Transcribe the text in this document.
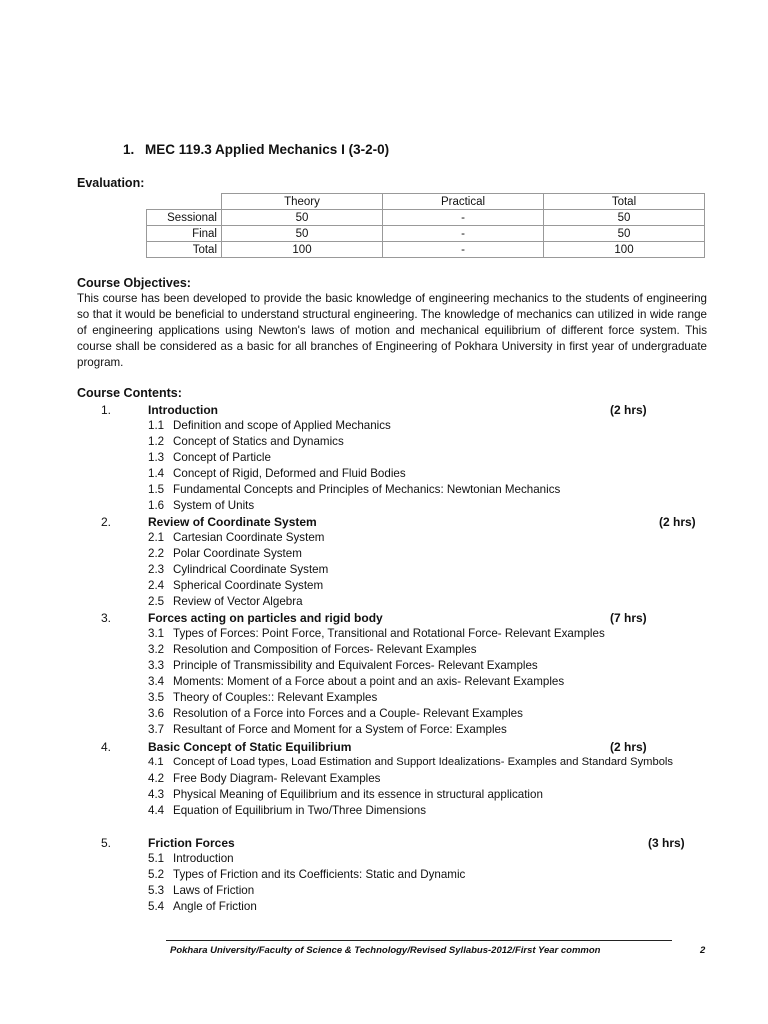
1. MEC 119.3 Applied Mechanics I (3-2-0)
Evaluation:
	Theory	Practical	Total
Sessional	50	-	50
Final	50	-	50
Total	100	-	100
Course Objectives:
This course has been developed to provide the basic knowledge of engineering mechanics to the students of engineering so that it would be beneficial to understand structural engineering. The knowledge of mechanics can utilized in wide range of engineering applications using Newton's laws of motion and mechanical equilibrium of different force system. This course shall be considered as a basic for all branches of Engineering of Pokhara University in first year of undergraduate program.
Course Contents:
1.	Introduction	(2 hrs)
1.1 Definition and scope of Applied Mechanics
1.2 Concept of Statics and Dynamics
1.3 Concept of Particle
1.4 Concept of Rigid, Deformed and Fluid Bodies
1.5 Fundamental Concepts and Principles of Mechanics: Newtonian Mechanics
1.6 System of Units
2.	Review of Coordinate System	(2 hrs)
2.1 Cartesian Coordinate System
2.2 Polar Coordinate System
2.3 Cylindrical Coordinate System
2.4 Spherical Coordinate System
2.5 Review of Vector Algebra
3.	Forces acting on particles and rigid body	(7 hrs)
3.1 Types of Forces: Point Force, Transitional and Rotational Force- Relevant Examples
3.2 Resolution and Composition of Forces- Relevant Examples
3.3 Principle of Transmissibility and Equivalent Forces- Relevant Examples
3.4 Moments: Moment of a Force about a point and an axis- Relevant Examples
3.5 Theory of Couples:: Relevant Examples
3.6 Resolution of a Force into Forces and a Couple- Relevant Examples
3.7 Resultant of Force and Moment for a System of Force: Examples
4.	Basic Concept of Static Equilibrium	(2 hrs)
4.1 Concept of Load types, Load Estimation and Support Idealizations- Examples and Standard Symbols
4.2 Free Body Diagram- Relevant Examples
4.3 Physical Meaning of Equilibrium and its essence in structural application
4.4 Equation of Equilibrium in Two/Three Dimensions
5.	Friction Forces	(3 hrs)
5.1 Introduction
5.2 Types of Friction and its Coefficients: Static and Dynamic
5.3 Laws of Friction
5.4 Angle of Friction
Pokhara University/Faculty of Science & Technology/Revised Syllabus-2012/First Year common	2
